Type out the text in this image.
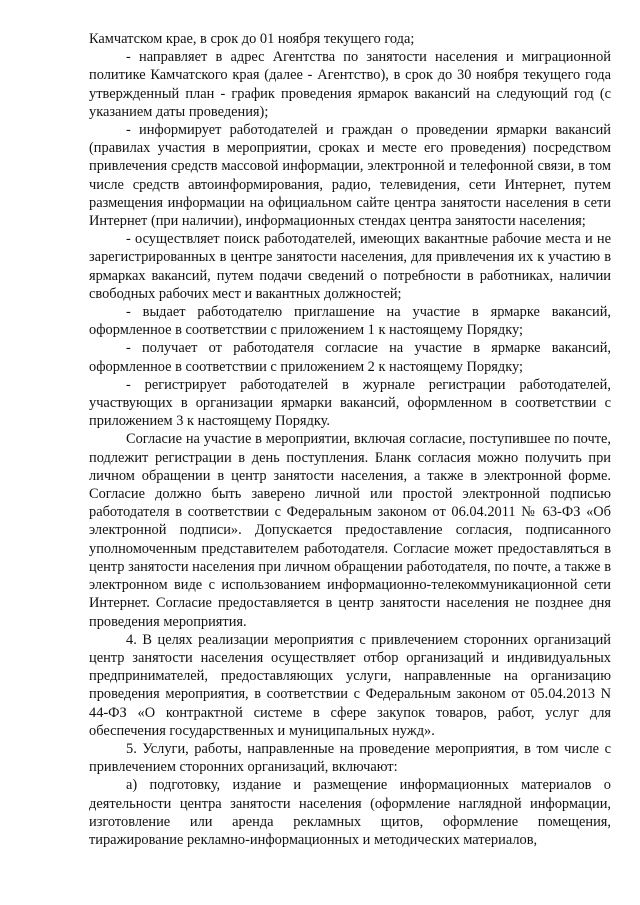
Камчатском крае, в срок до 01 ноября текущего года;

- направляет в адрес Агентства по занятости населения и миграционной политике Камчатского края (далее - Агентство), в срок до 30 ноября текущего года утвержденный план - график проведения ярмарок вакансий на следующий год (с указанием даты проведения);

- информирует работодателей и граждан о проведении ярмарки вакансий (правилах участия в мероприятии, сроках и месте его проведения) посредством привлечения средств массовой информации, электронной и телефонной связи, в том числе средств автоинформирования, радио, телевидения, сети Интернет, путем размещения информации на официальном сайте центра занятости населения в сети Интернет (при наличии), информационных стендах центра занятости населения;

- осуществляет поиск работодателей, имеющих вакантные рабочие места и не зарегистрированных в центре занятости населения, для привлечения их к участию в ярмарках вакансий, путем подачи сведений о потребности в работниках, наличии свободных рабочих мест и вакантных должностей;

- выдает работодателю приглашение на участие в ярмарке вакансий, оформленное в соответствии с приложением 1 к настоящему Порядку;

- получает от работодателя согласие на участие в ярмарке вакансий, оформленное в соответствии с приложением 2 к настоящему Порядку;

- регистрирует работодателей в журнале регистрации работодателей, участвующих в организации ярмарки вакансий, оформленном в соответствии с приложением 3 к настоящему Порядку.

Согласие на участие в мероприятии, включая согласие, поступившее по почте, подлежит регистрации в день поступления. Бланк согласия можно получить при личном обращении в центр занятости населения, а также в электронной форме. Согласие должно быть заверено личной или простой электронной подписью работодателя в соответствии с Федеральным законом от 06.04.2011 № 63-ФЗ «Об электронной подписи». Допускается предоставление согласия, подписанного уполномоченным представителем работодателя. Согласие может предоставляться в центр занятости населения при личном обращении работодателя, по почте, а также в электронном виде с использованием информационно-телекоммуникационной сети Интернет. Согласие предоставляется в центр занятости населения не позднее дня проведения мероприятия.

4. В целях реализации мероприятия с привлечением сторонних организаций центр занятости населения осуществляет отбор организаций и индивидуальных предпринимателей, предоставляющих услуги, направленные на организацию проведения мероприятия, в соответствии с Федеральным законом от 05.04.2013 N 44-ФЗ «О контрактной системе в сфере закупок товаров, работ, услуг для обеспечения государственных и муниципальных нужд».

5. Услуги, работы, направленные на проведение мероприятия, в том числе с привлечением сторонних организаций, включают:

а) подготовку, издание и размещение информационных материалов о деятельности центра занятости населения (оформление наглядной информации, изготовление или аренда рекламных щитов, оформление помещения, тиражирование рекламно-информационных и методических материалов,
